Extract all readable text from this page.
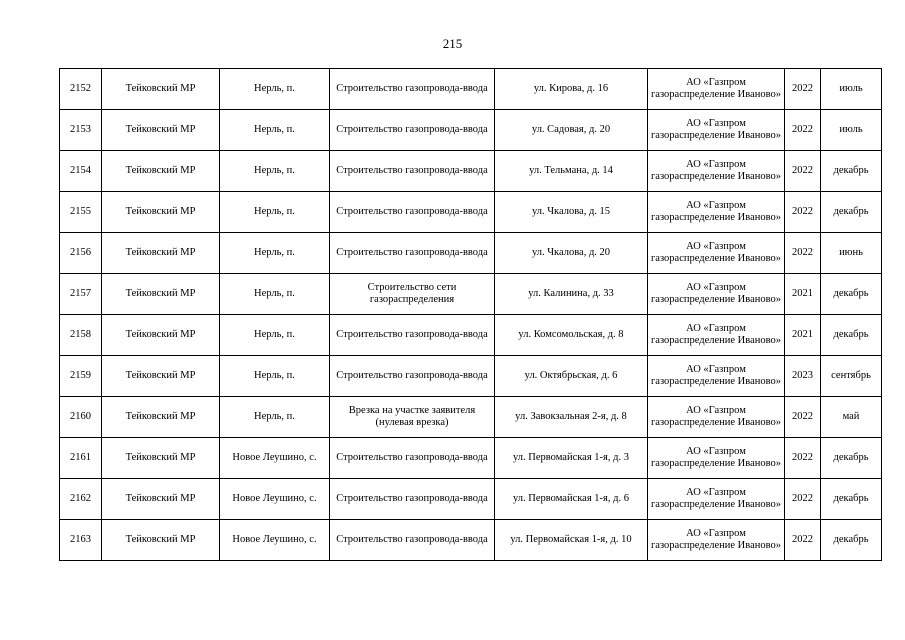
215
2152	Тейковский МР	Нерль, п.	Строительство газопровода-ввода	ул. Кирова, д. 16	АО «Газпром газораспределение Иваново»	2022	июль
2153	Тейковский МР	Нерль, п.	Строительство газопровода-ввода	ул. Садовая, д. 20	АО «Газпром газораспределение Иваново»	2022	июль
2154	Тейковский МР	Нерль, п.	Строительство газопровода-ввода	ул. Тельмана, д. 14	АО «Газпром газораспределение Иваново»	2022	декабрь
2155	Тейковский МР	Нерль, п.	Строительство газопровода-ввода	ул. Чкалова, д. 15	АО «Газпром газораспределение Иваново»	2022	декабрь
2156	Тейковский МР	Нерль, п.	Строительство газопровода-ввода	ул. Чкалова, д. 20	АО «Газпром газораспределение Иваново»	2022	июнь
2157	Тейковский МР	Нерль, п.	Строительство сети газораспределения	ул. Калинина, д. 33	АО «Газпром газораспределение Иваново»	2021	декабрь
2158	Тейковский МР	Нерль, п.	Строительство газопровода-ввода	ул. Комсомольская, д. 8	АО «Газпром газораспределение Иваново»	2021	декабрь
2159	Тейковский МР	Нерль, п.	Строительство газопровода-ввода	ул. Октябрьская, д. 6	АО «Газпром газораспределение Иваново»	2023	сентябрь
2160	Тейковский МР	Нерль, п.	Врезка на участке заявителя (нулевая врезка)	ул. Завокзальная 2-я, д. 8	АО «Газпром газораспределение Иваново»	2022	май
2161	Тейковский МР	Новое Леушино, с.	Строительство газопровода-ввода	ул. Первомайская 1-я, д. 3	АО «Газпром газораспределение Иваново»	2022	декабрь
2162	Тейковский МР	Новое Леушино, с.	Строительство газопровода-ввода	ул. Первомайская 1-я, д. 6	АО «Газпром газораспределение Иваново»	2022	декабрь
2163	Тейковский МР	Новое Леушино, с.	Строительство газопровода-ввода	ул. Первомайская 1-я, д. 10	АО «Газпром газораспределение Иваново»	2022	декабрь
